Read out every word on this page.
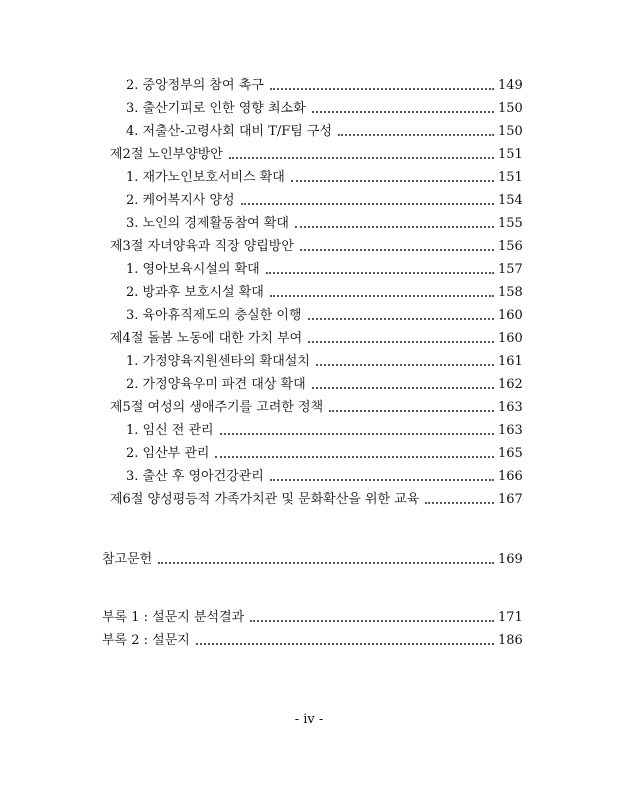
2. 중앙정부의 참여 촉구	149
3. 출산기피로 인한 영향 최소화	150
4. 저출산-고령사회 대비 T/F팀 구성	150
제2절 노인부양방안	151
1. 재가노인보호서비스 확대	151
2. 케어복지사 양성	154
3. 노인의 경제활동참여 확대	155
제3절 자녀양육과 직장 양립방안	156
1. 영아보육시설의 확대	157
2. 방과후 보호시설 확대	158
3. 육아휴직제도의 충실한 이행	160
제4절 돌봄 노동에 대한 가치 부여	160
1. 가정양육지원센타의 확대설치	161
2. 가정양육우미 파견 대상 확대	162
제5절 여성의 생애주기를 고려한 정책	163
1. 임신 전 관리	163
2. 임산부 관리	165
3. 출산 후 영아건강관리	166
제6절 양성평등적 가족가치관 및 문화확산을 위한 교육	167
참고문헌	169
부록 1 : 설문지 분석결과	171
부록 2 : 설문지	186
- iv -
